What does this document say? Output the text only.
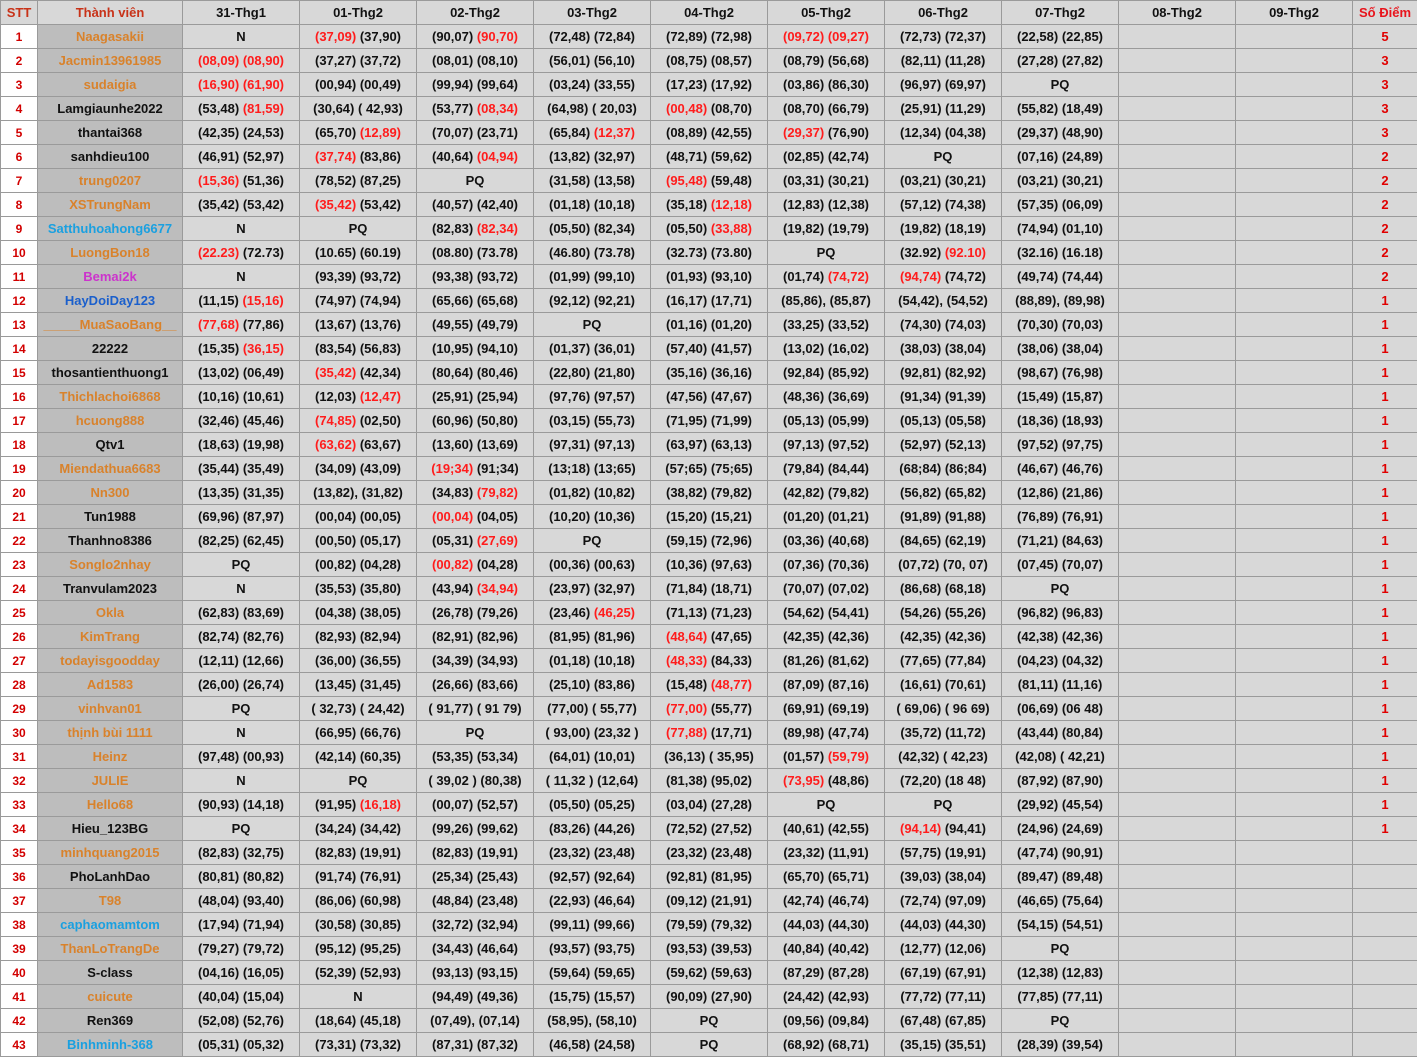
STT	Thành viên	31-Thg1	01-Thg2	02-Thg2	03-Thg2	04-Thg2	05-Thg2	06-Thg2	07-Thg2	08-Thg2	09-Thg2	Số Điểm
1	Naagasakii	N	(37,09) (37,90)	(90,07) (90,70)	(72,48) (72,84)	(72,89) (72,98)	(09,72) (09,27)	(72,73) (72,37)	(22,58) (22,85)			5
2	Jacmin13961985	(08,09) (08,90)	(37,27) (37,72)	(08,01) (08,10)	(56,01) (56,10)	(08,75) (08,57)	(08,79) (56,68)	(82,11) (11,28)	(27,28) (27,82)			3
3	sudaigia	(16,90) (61,90)	(00,94) (00,49)	(99,94) (99,64)	(03,24) (33,55)	(17,23) (17,92)	(03,86) (86,30)	(96,97) (69,97)	PQ			3
4	Lamgiaunhe2022	(53,48) (81,59)	(30,64) ( 42,93)	(53,77) (08,34)	(64,98) ( 20,03)	(00,48) (08,70)	(08,70) (66,79)	(25,91) (11,29)	(55,82) (18,49)			3
5	thantai368	(42,35) (24,53)	(65,70) (12,89)	(70,07) (23,71)	(65,84) (12,37)	(08,89) (42,55)	(29,37) (76,90)	(12,34) (04,38)	(29,37) (48,90)			3
6	sanhdieu100	(46,91) (52,97)	(37,74) (83,86)	(40,64) (04,94)	(13,82) (32,97)	(48,71) (59,62)	(02,85) (42,74)	PQ	(07,16) (24,89)			2
7	trung0207	(15,36) (51,36)	(78,52) (87,25)	PQ	(31,58) (13,58)	(95,48) (59,48)	(03,31) (30,21)	(03,21) (30,21)	(03,21) (30,21)			2
8	XSTrungNam	(35,42) (53,42)	(35,42) (53,42)	(40,57) (42,40)	(01,18) (10,18)	(35,18) (12,18)	(12,83) (12,38)	(57,12) (74,38)	(57,35) (06,09)			2
9	Satthuhoahong6677	N	PQ	(82,83) (82,34)	(05,50) (82,34)	(05,50) (33,88)	(19,82) (19,79)	(19,82) (18,19)	(74,94) (01,10)			2
10	LuongBon18	(22.23) (72.73)	(10.65) (60.19)	(08.80) (73.78)	(46.80) (73.78)	(32.73) (73.80)	PQ	(32.92) (92.10)	(32.16) (16.18)			2
11	Bemai2k	N	(93,39) (93,72)	(93,38) (93,72)	(01,99) (99,10)	(01,93) (93,10)	(01,74) (74,72)	(94,74) (74,72)	(49,74) (74,44)			2
12	HayDoiDay123	(11,15) (15,16)	(74,97) (74,94)	(65,66) (65,68)	(92,12) (92,21)	(16,17) (17,71)	(85,86), (85,87)	(54,42), (54,52)	(88,89), (89,98)			1
13	_____MuaSaoBang__	(77,68) (77,86)	(13,67) (13,76)	(49,55) (49,79)	PQ	(01,16) (01,20)	(33,25) (33,52)	(74,30) (74,03)	(70,30) (70,03)			1
14	22222	(15,35) (36,15)	(83,54) (56,83)	(10,95) (94,10)	(01,37) (36,01)	(57,40) (41,57)	(13,02) (16,02)	(38,03) (38,04)	(38,06) (38,04)			1
15	thosantienthuong1	(13,02) (06,49)	(35,42) (42,34)	(80,64) (80,46)	(22,80) (21,80)	(35,16) (36,16)	(92,84) (85,92)	(92,81) (82,92)	(98,67) (76,98)			1
16	Thichlachoi6868	(10,16) (10,61)	(12,03) (12,47)	(25,91) (25,94)	(97,76) (97,57)	(47,56) (47,67)	(48,36) (36,69)	(91,34) (91,39)	(15,49) (15,87)			1
17	hcuong888	(32,46) (45,46)	(74,85) (02,50)	(60,96) (50,80)	(03,15) (55,73)	(71,95) (71,99)	(05,13) (05,99)	(05,13) (05,58)	(18,36) (18,93)			1
18	Qtv1	(18,63) (19,98)	(63,62) (63,67)	(13,60) (13,69)	(97,31) (97,13)	(63,97) (63,13)	(97,13) (97,52)	(52,97) (52,13)	(97,52) (97,75)			1
19	Miendathua6683	(35,44) (35,49)	(34,09) (43,09)	(19;34) (91;34)	(13;18) (13;65)	(57;65) (75;65)	(79,84) (84,44)	(68;84) (86;84)	(46,67) (46,76)			1
20	Nn300	(13,35) (31,35)	(13,82), (31,82)	(34,83) (79,82)	(01,82) (10,82)	(38,82) (79,82)	(42,82) (79,82)	(56,82) (65,82)	(12,86) (21,86)			1
21	Tun1988	(69,96) (87,97)	(00,04) (00,05)	(00,04) (04,05)	(10,20) (10,36)	(15,20) (15,21)	(01,20) (01,21)	(91,89) (91,88)	(76,89) (76,91)			1
22	Thanhno8386	(82,25) (62,45)	(00,50) (05,17)	(05,31) (27,69)	PQ	(59,15) (72,96)	(03,36) (40,68)	(84,65) (62,19)	(71,21) (84,63)			1
23	Songlo2nhay	PQ	(00,82) (04,28)	(00,82) (04,28)	(00,36) (00,63)	(10,36) (97,63)	(07,36) (70,36)	(07,72) (70, 07)	(07,45) (70,07)			1
24	Tranvulam2023	N	(35,53) (35,80)	(43,94) (34,94)	(23,97) (32,97)	(71,84) (18,71)	(70,07) (07,02)	(86,68) (68,18)	PQ			1
25	Okla	(62,83) (83,69)	(04,38) (38,05)	(26,78) (79,26)	(23,46) (46,25)	(71,13) (71,23)	(54,62) (54,41)	(54,26) (55,26)	(96,82) (96,83)			1
26	KimTrang	(82,74) (82,76)	(82,93) (82,94)	(82,91) (82,96)	(81,95) (81,96)	(48,64) (47,65)	(42,35) (42,36)	(42,35) (42,36)	(42,38) (42,36)			1
27	todayisgoodday	(12,11) (12,66)	(36,00) (36,55)	(34,39) (34,93)	(01,18) (10,18)	(48,33) (84,33)	(81,26) (81,62)	(77,65) (77,84)	(04,23) (04,32)			1
28	Ad1583	(26,00) (26,74)	(13,45) (31,45)	(26,66) (83,66)	(25,10) (83,86)	(15,48) (48,77)	(87,09) (87,16)	(16,61) (70,61)	(81,11) (11,16)			1
29	vinhvan01	PQ	( 32,73) ( 24,42)	( 91,77) ( 91 79)	(77,00) ( 55,77)	(77,00) (55,77)	(69,91) (69,19)	( 69,06) ( 96 69)	(06,69) (06 48)			1
30	thịnh bùi 1111	N	(66,95) (66,76)	PQ	( 93,00) (23,32 )	(77,88) (17,71)	(89,98) (47,74)	(35,72) (11,72)	(43,44) (80,84)			1
31	Heinz	(97,48) (00,93)	(42,14) (60,35)	(53,35) (53,34)	(64,01) (10,01)	(36,13) ( 35,95)	(01,57) (59,79)	(42,32) ( 42,23)	(42,08) ( 42,21)			1
32	JULIE	N	PQ	( 39,02 ) (80,38)	( 11,32 ) (12,64)	(81,38) (95,02)	(73,95) (48,86)	(72,20) (18 48)	(87,92) (87,90)			1
33	Hello68	(90,93) (14,18)	(91,95) (16,18)	(00,07) (52,57)	(05,50) (05,25)	(03,04) (27,28)	PQ	PQ	(29,92) (45,54)			1
34	Hieu_123BG	PQ	(34,24) (34,42)	(99,26) (99,62)	(83,26) (44,26)	(72,52) (27,52)	(40,61) (42,55)	(94,14) (94,41)	(24,96) (24,69)			1
35	minhquang2015	(82,83) (32,75)	(82,83) (19,91)	(82,83) (19,91)	(23,32) (23,48)	(23,32) (23,48)	(23,32) (11,91)	(57,75) (19,91)	(47,74) (90,91)			
36	PhoLanhDao	(80,81) (80,82)	(91,74) (76,91)	(25,34) (25,43)	(92,57) (92,64)	(92,81) (81,95)	(65,70) (65,71)	(39,03) (38,04)	(89,47) (89,48)			
37	T98	(48,04) (93,40)	(86,06) (60,98)	(48,84) (23,48)	(22,93) (46,64)	(09,12) (21,91)	(42,74) (46,74)	(72,74) (97,09)	(46,65) (75,64)			
38	caphaomamtom	(17,94) (71,94)	(30,58) (30,85)	(32,72) (32,94)	(99,11) (99,66)	(79,59) (79,32)	(44,03) (44,30)	(44,03) (44,30)	(54,15) (54,51)			
39	ThanLoTrangDe	(79,27) (79,72)	(95,12) (95,25)	(34,43) (46,64)	(93,57) (93,75)	(93,53) (39,53)	(40,84) (40,42)	(12,77) (12,06)	PQ			
40	S-class	(04,16) (16,05)	(52,39) (52,93)	(93,13) (93,15)	(59,64) (59,65)	(59,62) (59,63)	(87,29) (87,28)	(67,19) (67,91)	(12,38) (12,83)			
41	cuicute	(40,04) (15,04)	N	(94,49) (49,36)	(15,75) (15,57)	(90,09) (27,90)	(24,42) (42,93)	(77,72) (77,11)	(77,85) (77,11)			
42	Ren369	(52,08) (52,76)	(18,64) (45,18)	(07,49), (07,14)	(58,95), (58,10)	PQ	(09,56) (09,84)	(67,48) (67,85)	PQ			
43	Binhminh-368	(05,31) (05,32)	(73,31) (73,32)	(87,31) (87,32)	(46,58) (24,58)	PQ	(68,92) (68,71)	(35,15) (35,51)	(28,39) (39,54)			
